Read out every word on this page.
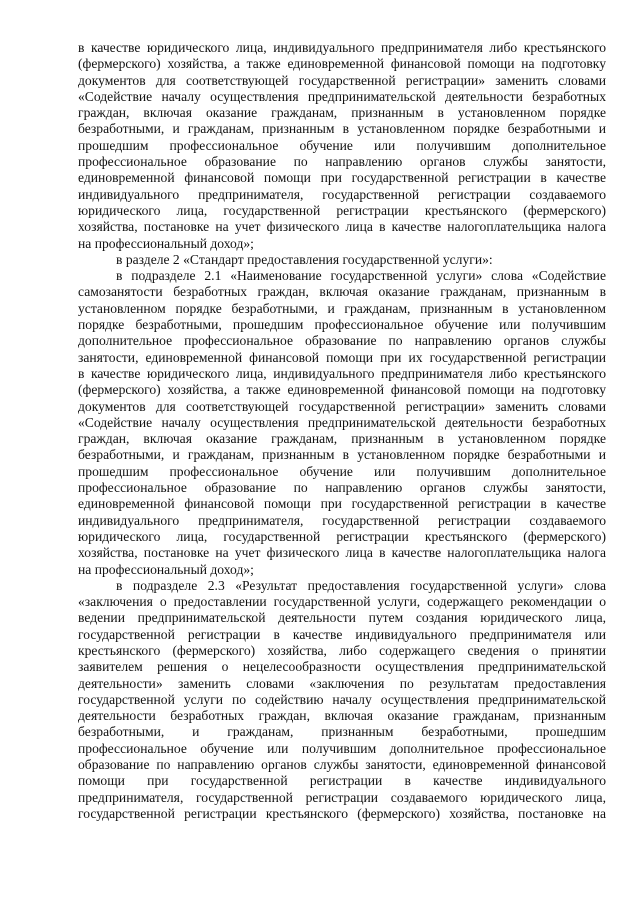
в качестве юридического лица, индивидуального предпринимателя либо крестьянского
(фермерского) хозяйства, а также единовременной финансовой помощи на подготовку
документов для соответствующей государственной регистрации» заменить словами
«Содействие началу осуществления предпринимательской деятельности безработных
граждан, включая оказание гражданам, признанным в установленном порядке
безработными, и гражданам, признанным в установленном порядке безработными и
прошедшим профессиональное обучение или получившим дополнительное
профессиональное образование по направлению органов службы занятости,
единовременной финансовой помощи при государственной регистрации в качестве
индивидуального предпринимателя, государственной регистрации создаваемого
юридического лица, государственной регистрации крестьянского (фермерского)
хозяйства, постановке на учет физического лица в качестве налогоплательщика налога
на профессиональный доход»;
в разделе 2 «Стандарт предоставления государственной услуги»:
в подразделе 2.1 «Наименование государственной услуги» слова «Содействие
самозанятости безработных граждан, включая оказание гражданам, признанным в
установленном порядке безработными, и гражданам, признанным в установленном
порядке безработными, прошедшим профессиональное обучение или получившим
дополнительное профессиональное образование по направлению органов службы
занятости, единовременной финансовой помощи при их государственной регистрации
в качестве юридического лица, индивидуального предпринимателя либо крестьянского
(фермерского) хозяйства, а также единовременной финансовой помощи на подготовку
документов для соответствующей государственной регистрации» заменить словами
«Содействие началу осуществления предпринимательской деятельности безработных
граждан, включая оказание гражданам, признанным в установленном порядке
безработными, и гражданам, признанным в установленном порядке безработными и
прошедшим профессиональное обучение или получившим дополнительное
профессиональное образование по направлению органов службы занятости,
единовременной финансовой помощи при государственной регистрации в качестве
индивидуального предпринимателя, государственной регистрации создаваемого
юридического лица, государственной регистрации крестьянского (фермерского)
хозяйства, постановке на учет физического лица в качестве налогоплательщика налога
на профессиональный доход»;
в подразделе 2.3 «Результат предоставления государственной услуги» слова
«заключения о предоставлении государственной услуги, содержащего рекомендации о
ведении предпринимательской деятельности путем создания юридического лица,
государственной регистрации в качестве индивидуального предпринимателя или
крестьянского (фермерского) хозяйства, либо содержащего сведения о принятии
заявителем решения о нецелесообразности осуществления предпринимательской
деятельности» заменить словами «заключения по результатам предоставления
государственной услуги по содействию началу осуществления предпринимательской
деятельности безработных граждан, включая оказание гражданам, признанным
безработными, и гражданам, признанным безработными, прошедшим
профессиональное обучение или получившим дополнительное профессиональное
образование по направлению органов службы занятости, единовременной финансовой
помощи при государственной регистрации в качестве индивидуального
предпринимателя, государственной регистрации создаваемого юридического лица,
государственной регистрации крестьянского (фермерского) хозяйства, постановке на
